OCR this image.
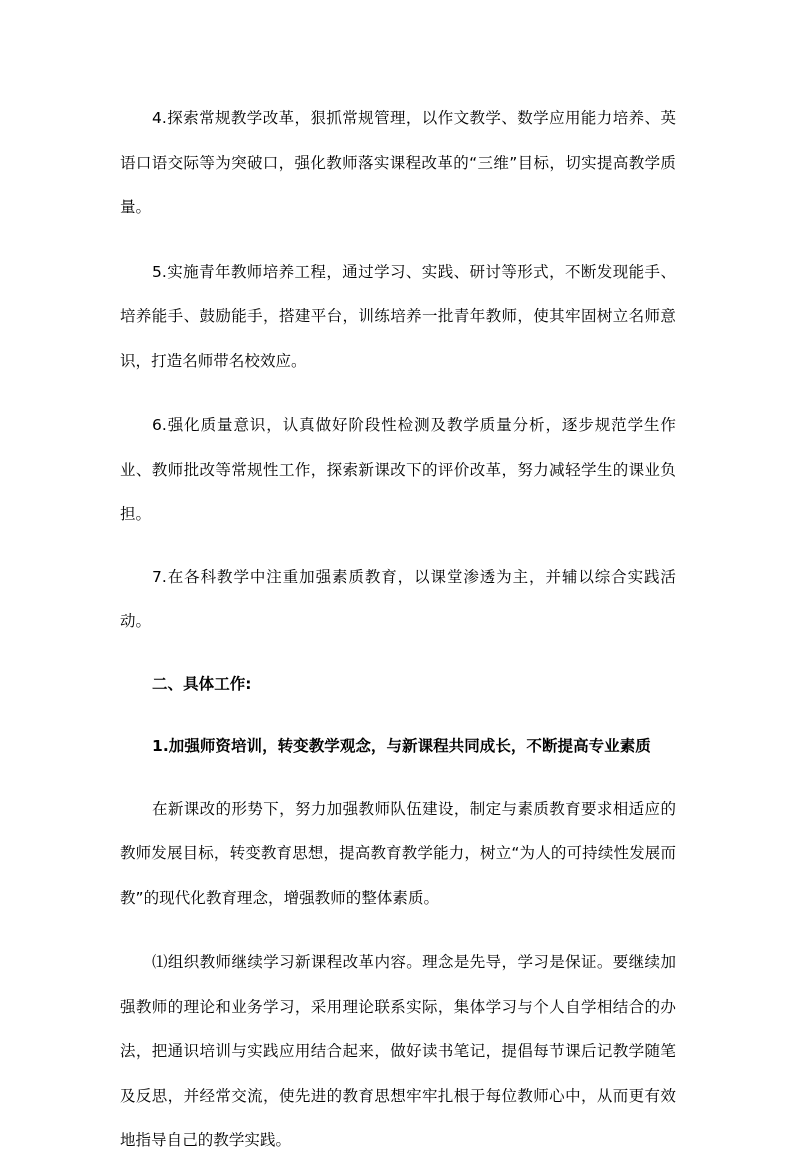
4.探索常规教学改革，狠抓常规管理，以作文教学、数学应用能力培养、英语口语交际等为突破口，强化教师落实课程改革的“三维”目标，切实提高教学质量。

5.实施青年教师培养工程，通过学习、实践、研讨等形式，不断发现能手、培养能手、鼓励能手，搭建平台，训练培养一批青年教师，使其牢固树立名师意识，打造名师带名校效应。

6.强化质量意识，认真做好阶段性检测及教学质量分析，逐步规范学生作业、教师批改等常规性工作，探索新课改下的评价改革，努力减轻学生的课业负担。

7.在各科教学中注重加强素质教育，以课堂渗透为主，并辅以综合实践活动。

二、具体工作:

1.加强师资培训，转变教学观念，与新课程共同成长，不断提高专业素质

在新课改的形势下，努力加强教师队伍建设，制定与素质教育要求相适应的教师发展目标，转变教育思想，提高教育教学能力，树立“为人的可持续性发展而教”的现代化教育理念，增强教师的整体素质。

⑴组织教师继续学习新课程改革内容。理念是先导，学习是保证。要继续加强教师的理论和业务学习，采用理论联系实际，集体学习与个人自学相结合的办法，把通识培训与实践应用结合起来，做好读书笔记，提倡每节课后记教学随笔及反思，并经常交流，使先进的教育思想牢牢扎根于每位教师心中，从而更有效地指导自己的教学实践。
